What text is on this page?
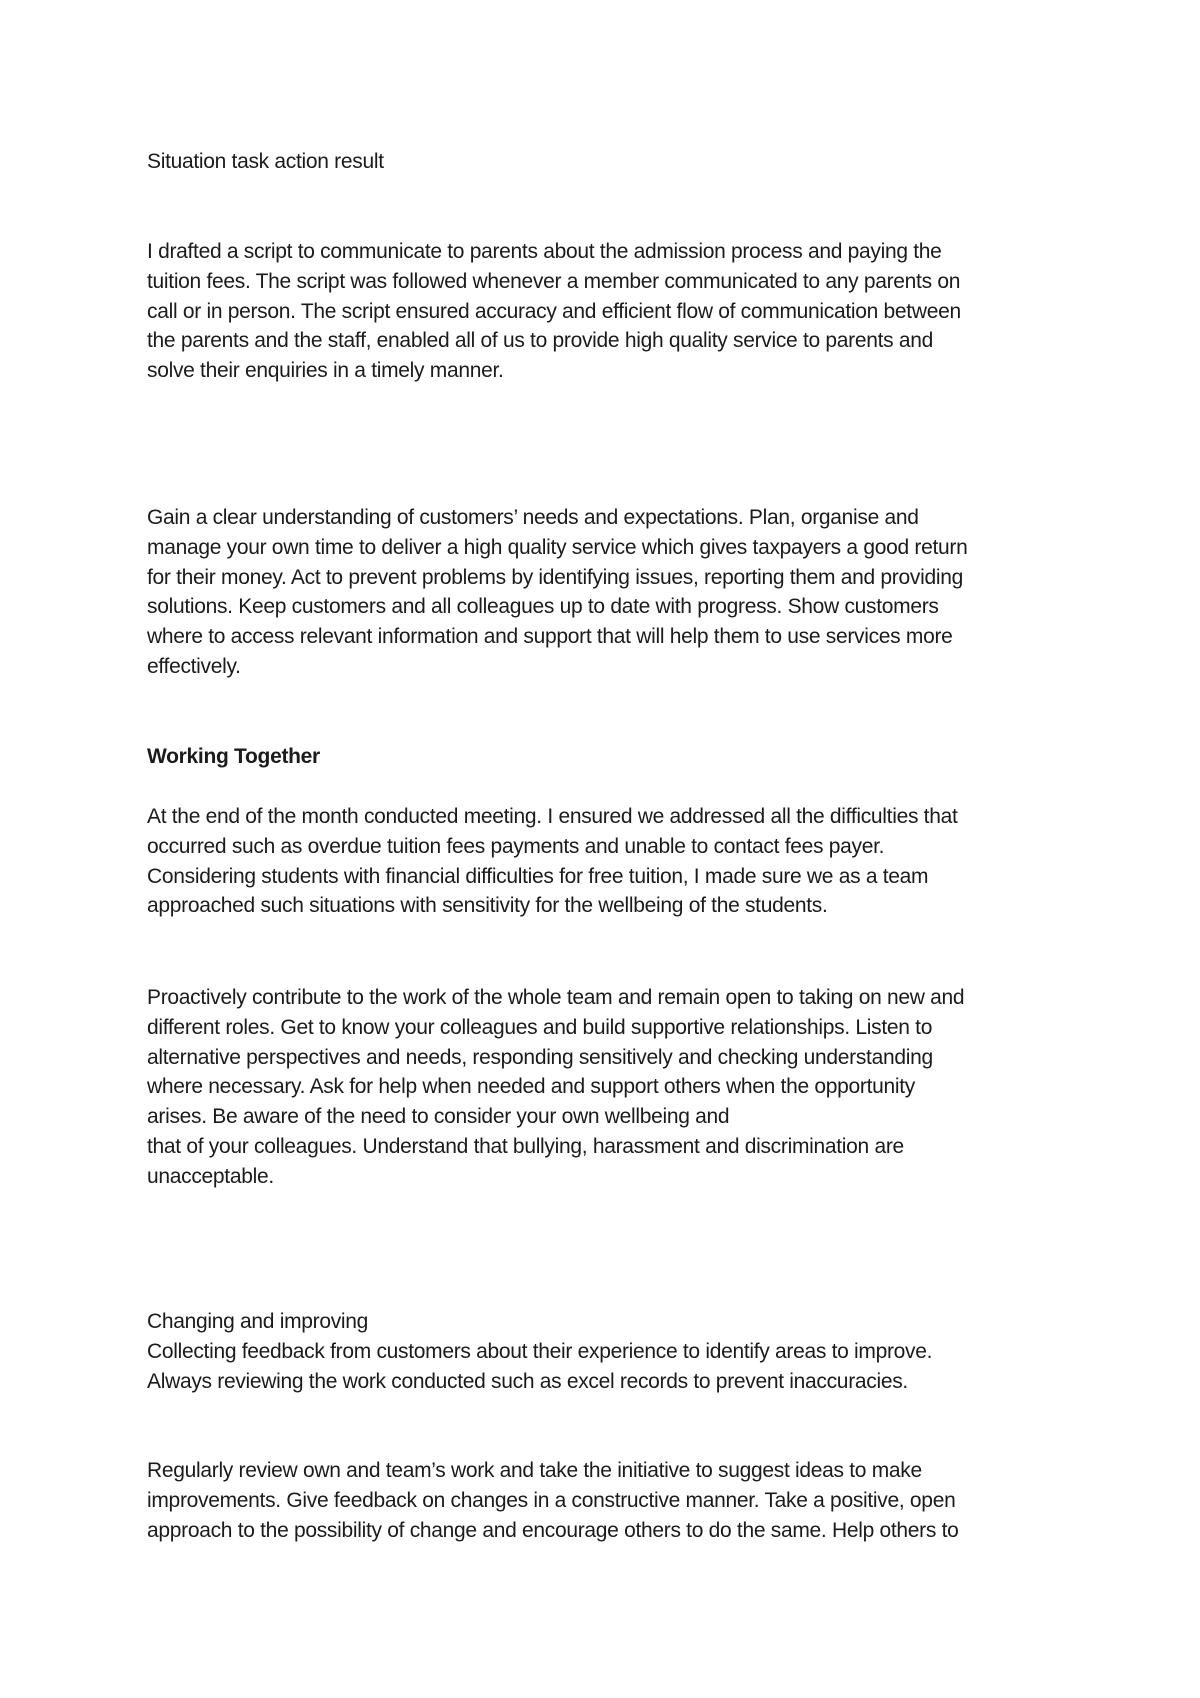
Situation task action result
I drafted a script to communicate to parents about the admission process and paying the
tuition fees. The script was followed whenever a member communicated to any parents on
call or in person. The script ensured accuracy and efficient flow of communication between
the parents and the staff, enabled all of us to provide high quality service to parents and
solve their enquiries in a timely manner.
Gain a clear understanding of customers’ needs and expectations. Plan, organise and
manage your own time to deliver a high quality service which gives taxpayers a good return
for their money. Act to prevent problems by identifying issues, reporting them and providing
solutions. Keep customers and all colleagues up to date with progress. Show customers
where to access relevant information and support that will help them to use services more
effectively.
Working Together
At the end of the month conducted meeting. I ensured we addressed all the difficulties that
occurred such as overdue tuition fees payments and unable to contact fees payer.
Considering students with financial difficulties for free tuition, I made sure we as a team
approached such situations with sensitivity for the wellbeing of the students.
Proactively contribute to the work of the whole team and remain open to taking on new and
different roles. Get to know your colleagues and build supportive relationships. Listen to
alternative perspectives and needs, responding sensitively and checking understanding
where necessary. Ask for help when needed and support others when the opportunity
arises. Be aware of the need to consider your own wellbeing and
that of your colleagues. Understand that bullying, harassment and discrimination are
unacceptable.
Changing and improving
Collecting feedback from customers about their experience to identify areas to improve.
Always reviewing the work conducted such as excel records to prevent inaccuracies.
Regularly review own and team’s work and take the initiative to suggest ideas to make
improvements. Give feedback on changes in a constructive manner. Take a positive, open
approach to the possibility of change and encourage others to do the same. Help others to
